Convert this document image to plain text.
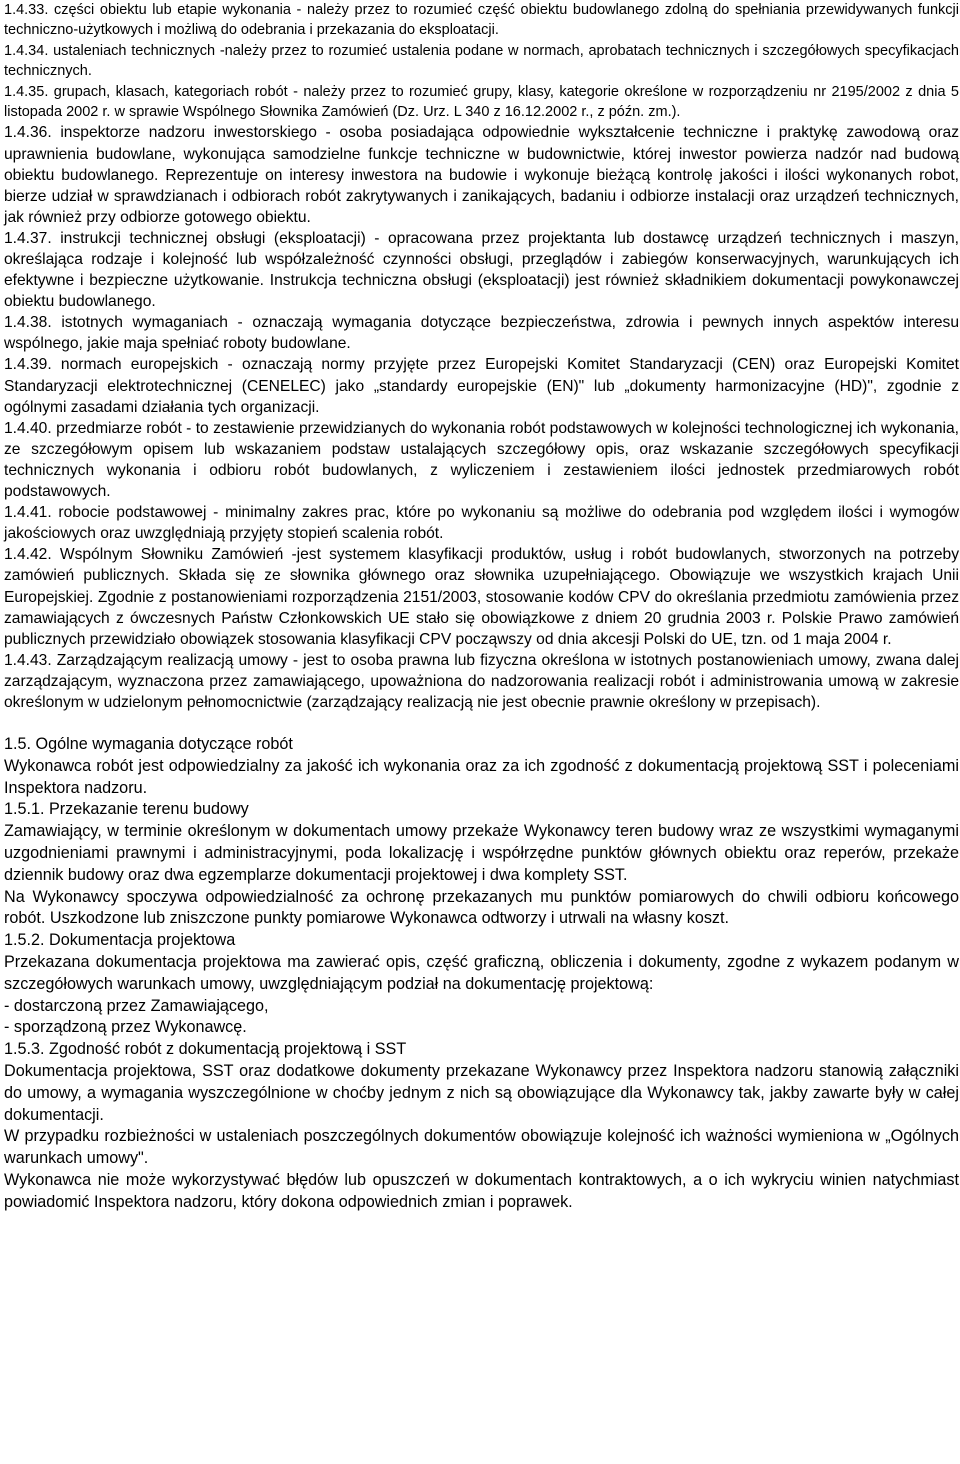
1.4.33. części obiektu lub etapie wykonania - należy przez to rozumieć część obiektu budowlanego zdolną do spełniania przewidywanych funkcji techniczno-użytkowych i możliwą do odebrania i przekazania do eksploatacji.

1.4.34. ustaleniach technicznych -należy przez to rozumieć ustalenia podane w normach, aprobatach technicznych i szczegółowych specyfikacjach technicznych.

1.4.35. grupach, klasach, kategoriach robót - należy przez to rozumieć grupy, klasy, kategorie określone w rozporządzeniu nr 2195/2002 z dnia 5 listopada 2002 r. w sprawie Wspólnego Słownika Zamówień (Dz. Urz. L 340 z 16.12.2002 r., z późn. zm.).

1.4.36. inspektorze nadzoru inwestorskiego - osoba posiadająca odpowiednie wykształcenie techniczne i praktykę zawodową oraz uprawnienia budowlane, wykonująca samodzielne funkcje techniczne w budownictwie, której inwestor powierza nadzór nad budową obiektu budowlanego. Reprezentuje on interesy inwestora na budowie i wykonuje bieżącą kontrolę jakości i ilości wykonanych robot, bierze udział w sprawdzianach i odbiorach robót zakrytywanych i zanikających, badaniu i odbiorze instalacji oraz urządzeń technicznych, jak również przy odbiorze gotowego obiektu.

1.4.37. instrukcji technicznej obsługi (eksploatacji) - opracowana przez projektanta lub dostawcę urządzeń technicznych i maszyn, określająca rodzaje i kolejność lub współzależność czynności obsługi, przeglądów i zabiegów konserwacyjnych, warunkujących ich efektywne i bezpieczne użytkowanie. Instrukcja techniczna obsługi (eksploatacji) jest również składnikiem dokumentacji powykonawczej obiektu budowlanego.

1.4.38. istotnych wymaganiach - oznaczają wymagania dotyczące bezpieczeństwa, zdrowia i pewnych innych aspektów interesu wspólnego, jakie maja spełniać roboty budowlane.

1.4.39. normach europejskich - oznaczają normy przyjęte przez Europejski Komitet Standaryzacji (CEN) oraz Europejski Komitet Standaryzacji elektrotechnicznej (CENELEC) jako „standardy europejskie (EN)" lub „dokumenty harmonizacyjne (HD)", zgodnie z ogólnymi zasadami działania tych organizacji.

1.4.40. przedmiarze robót - to zestawienie przewidzianych do wykonania robót podstawowych w kolejności technologicznej ich wykonania, ze szczegółowym opisem lub wskazaniem podstaw ustalających szczegółowy opis, oraz wskazanie szczegółowych specyfikacji technicznych wykonania i odbioru robót budowlanych, z wyliczeniem i zestawieniem ilości jednostek przedmiarowych robót podstawowych.

1.4.41. robocie podstawowej - minimalny zakres prac, które po wykonaniu są możliwe do odebrania pod względem ilości i wymogów jakościowych oraz uwzględniają przyjęty stopień scalenia robót.

1.4.42. Wspólnym Słowniku Zamówień -jest systemem klasyfikacji produktów, usług i robót budowlanych, stworzonych na potrzeby zamówień publicznych. Składa się ze słownika głównego oraz słownika uzupełniającego. Obowiązuje we wszystkich krajach Unii Europejskiej. Zgodnie z postanowieniami rozporządzenia 2151/2003, stosowanie kodów CPV do określania przedmiotu zamówienia przez zamawiających z ówczesnych Państw Członkowskich UE stało się obowiązkowe z dniem 20 grudnia 2003 r. Polskie Prawo zamówień publicznych przewidziało obowiązek stosowania klasyfikacji CPV począwszy od dnia akcesji Polski do UE, tzn. od 1 maja 2004 r.

1.4.43. Zarządzającym realizacją umowy - jest to osoba prawna lub fizyczna określona w istotnych postanowieniach umowy, zwana dalej zarządzającym, wyznaczona przez zamawiającego, upoważniona do nadzorowania realizacji robót i administrowania umową w zakresie określonym w udzielonym pełnomocnictwie (zarządzający realizacją nie jest obecnie prawnie określony w przepisach).

1.5. Ogólne wymagania dotyczące robót

Wykonawca robót jest odpowiedzialny za jakość ich wykonania oraz za ich zgodność z dokumentacją projektową SST i poleceniami Inspektora nadzoru.

1.5.1. Przekazanie terenu budowy

Zamawiający, w terminie określonym w dokumentach umowy przekaże Wykonawcy teren budowy wraz ze wszystkimi wymaganymi uzgodnieniami prawnymi i administracyjnymi, poda lokalizację i współrzędne punktów głównych obiektu oraz reperów, przekaże dziennik budowy oraz dwa egzemplarze dokumentacji projektowej i dwa komplety SST.

Na Wykonawcy spoczywa odpowiedzialność za ochronę przekazanych mu punktów pomiarowych do chwili odbioru końcowego robót. Uszkodzone lub zniszczone punkty pomiarowe Wykonawca odtworzy i utrwali na własny koszt.

1.5.2. Dokumentacja projektowa

Przekazana dokumentacja projektowa ma zawierać opis, część graficzną, obliczenia i dokumenty, zgodne z wykazem podanym w szczegółowych warunkach umowy, uwzględniającym podział na dokumentację projektową:

- dostarczoną przez Zamawiającego,

- sporządzoną przez Wykonawcę.

1.5.3. Zgodność robót z dokumentacją projektową i SST

Dokumentacja projektowa, SST oraz dodatkowe dokumenty przekazane Wykonawcy przez Inspektora nadzoru stanowią załączniki do umowy, a wymagania wyszczególnione w choćby jednym z nich są obowiązujące dla Wykonawcy tak, jakby zawarte były w całej dokumentacji.

W przypadku rozbieżności w ustaleniach poszczególnych dokumentów obowiązuje kolejność ich ważności wymieniona w „Ogólnych warunkach umowy".

Wykonawca nie może wykorzystywać błędów lub opuszczeń w dokumentach kontraktowych, a o ich wykryciu winien natychmiast powiadomić Inspektora nadzoru, który dokona odpowiednich zmian i poprawek.
